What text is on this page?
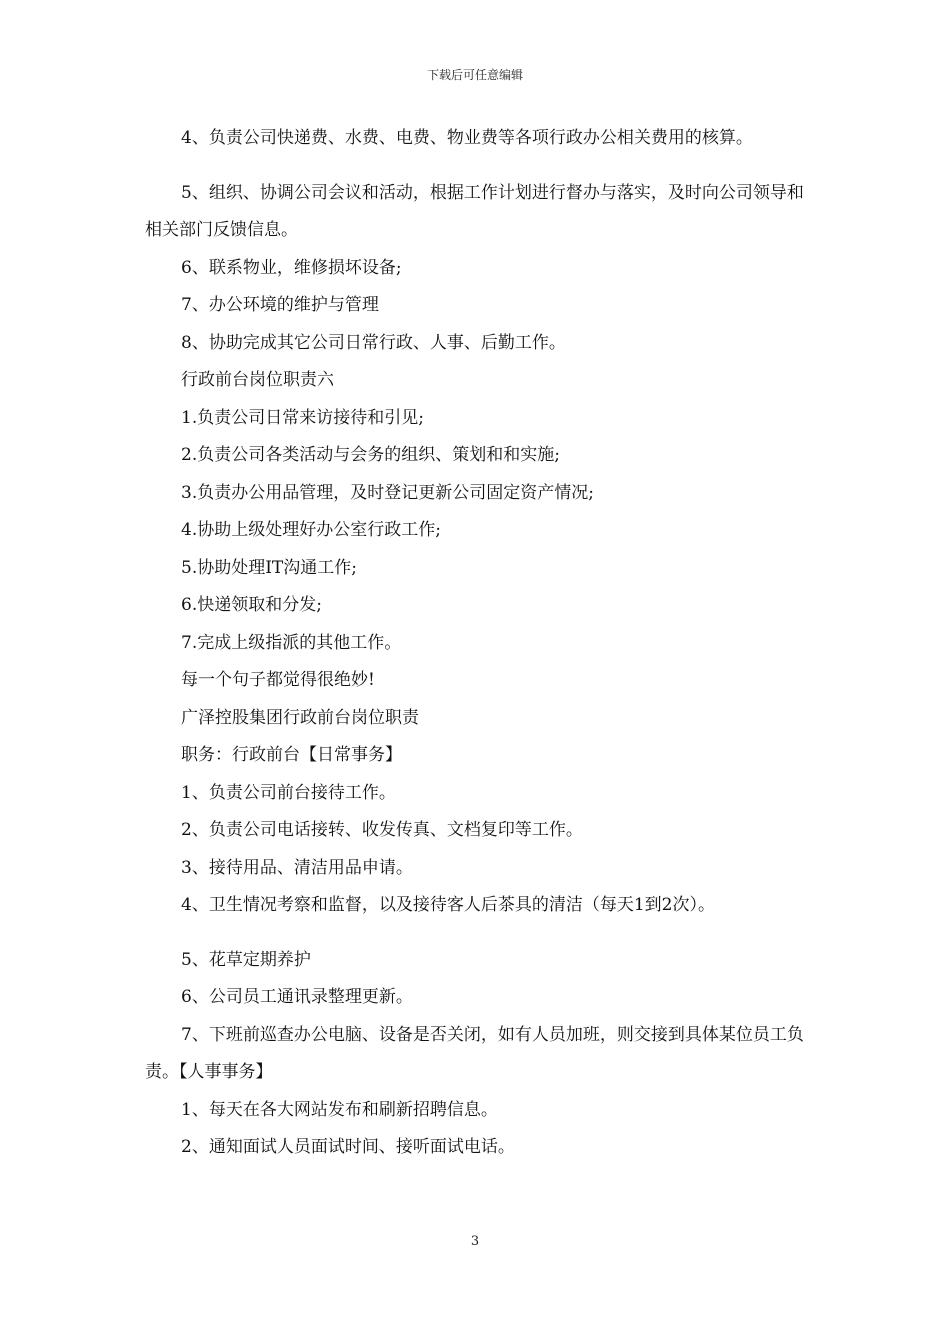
下载后可任意编辑

4、负责公司快递费、水费、电费、物业费等各项行政办公相关费用的核算。

5、组织、协调公司会议和活动，根据工作计划进行督办与落实，及时向公司领导和相关部门反馈信息。

6、联系物业，维修损坏设备;

7、办公环境的维护与管理

8、协助完成其它公司日常行政、人事、后勤工作。

行政前台岗位职责六

1.负责公司日常来访接待和引见;

2.负责公司各类活动与会务的组织、策划和和实施;

3.负责办公用品管理，及时登记更新公司固定资产情况;

4.协助上级处理好办公室行政工作;

5.协助处理IT沟通工作;

6.快递领取和分发;

7.完成上级指派的其他工作。

每一个句子都觉得很绝妙!

广泽控股集团行政前台岗位职责

职务：行政前台【日常事务】

1、负责公司前台接待工作。

2、负责公司电话接转、收发传真、文档复印等工作。

3、接待用品、清洁用品申请。

4、卫生情况考察和监督，以及接待客人后茶具的清洁（每天1到2次）。

5、花草定期养护

6、公司员工通讯录整理更新。

7、下班前巡查办公电脑、设备是否关闭，如有人员加班，则交接到具体某位员工负责。【人事事务】

1、每天在各大网站发布和刷新招聘信息。

2、通知面试人员面试时间、接听面试电话。

3
